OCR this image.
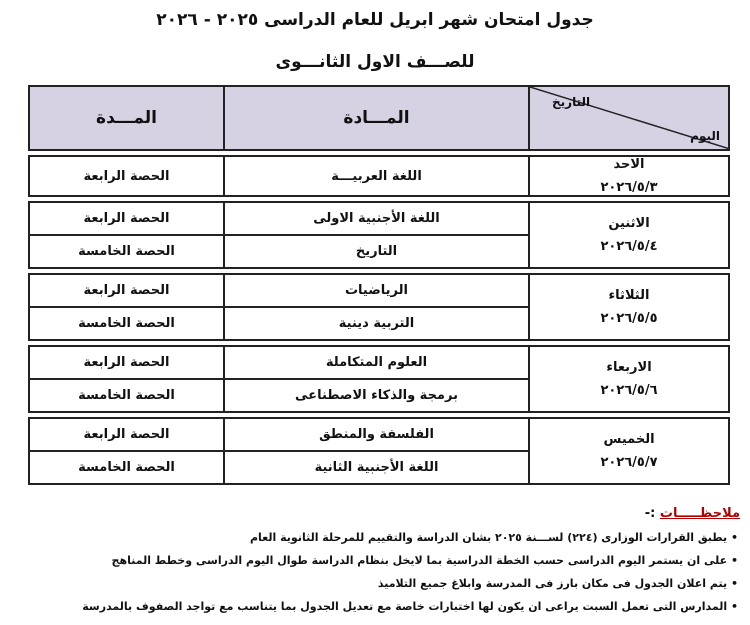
جدول امتحان شهر ابريل للعام الدراسى ٢٠٢٥ - ٢٠٢٦
للصـــف الاول الثانـــوى
التاريخ
اليوم	المـــادة	المـــدة

الاحد
٢٠٢٦/٥/٣	اللغة العربيـــة	الحصة الرابعة

الاثنين
٢٠٢٦/٥/٤	اللغة الأجنبية الاولى	الحصة الرابعة
	التاريخ	الحصة الخامسة

الثلاثاء
٢٠٢٦/٥/٥	الرياضيات	الحصة الرابعة
	التربية دينية	الحصة الخامسة

الاربعاء
٢٠٢٦/٥/٦	العلوم المتكاملة	الحصة الرابعة
	برمجة والذكاء الاصطناعى	الحصة الخامسة

الخميس
٢٠٢٦/٥/٧	الفلسفة والمنطق	الحصة الرابعة
	اللغة الأجنبية الثانية	الحصة الخامسة
ملاحظـــــات :-
• يطبق القرارات الوزارى (٢٢٤) لســـنة ٢٠٢٥ بشان الدراسة والتقييم للمرحلة الثانوية العام
• على ان يستمر اليوم الدراسى حسب الخطة الدراسية بما لايخل بنظام الدراسة طوال اليوم الدراسى وخطط المناهج
• يتم اعلان الجدول فى مكان بارز فى المدرسة وابلاغ جميع التلاميذ
• المدارس التى تعمل السبت يراعى ان يكون لها اختبارات خاصة مع تعديل الجدول بما يتناسب مع تواجد الصفوف بالمدرسة
